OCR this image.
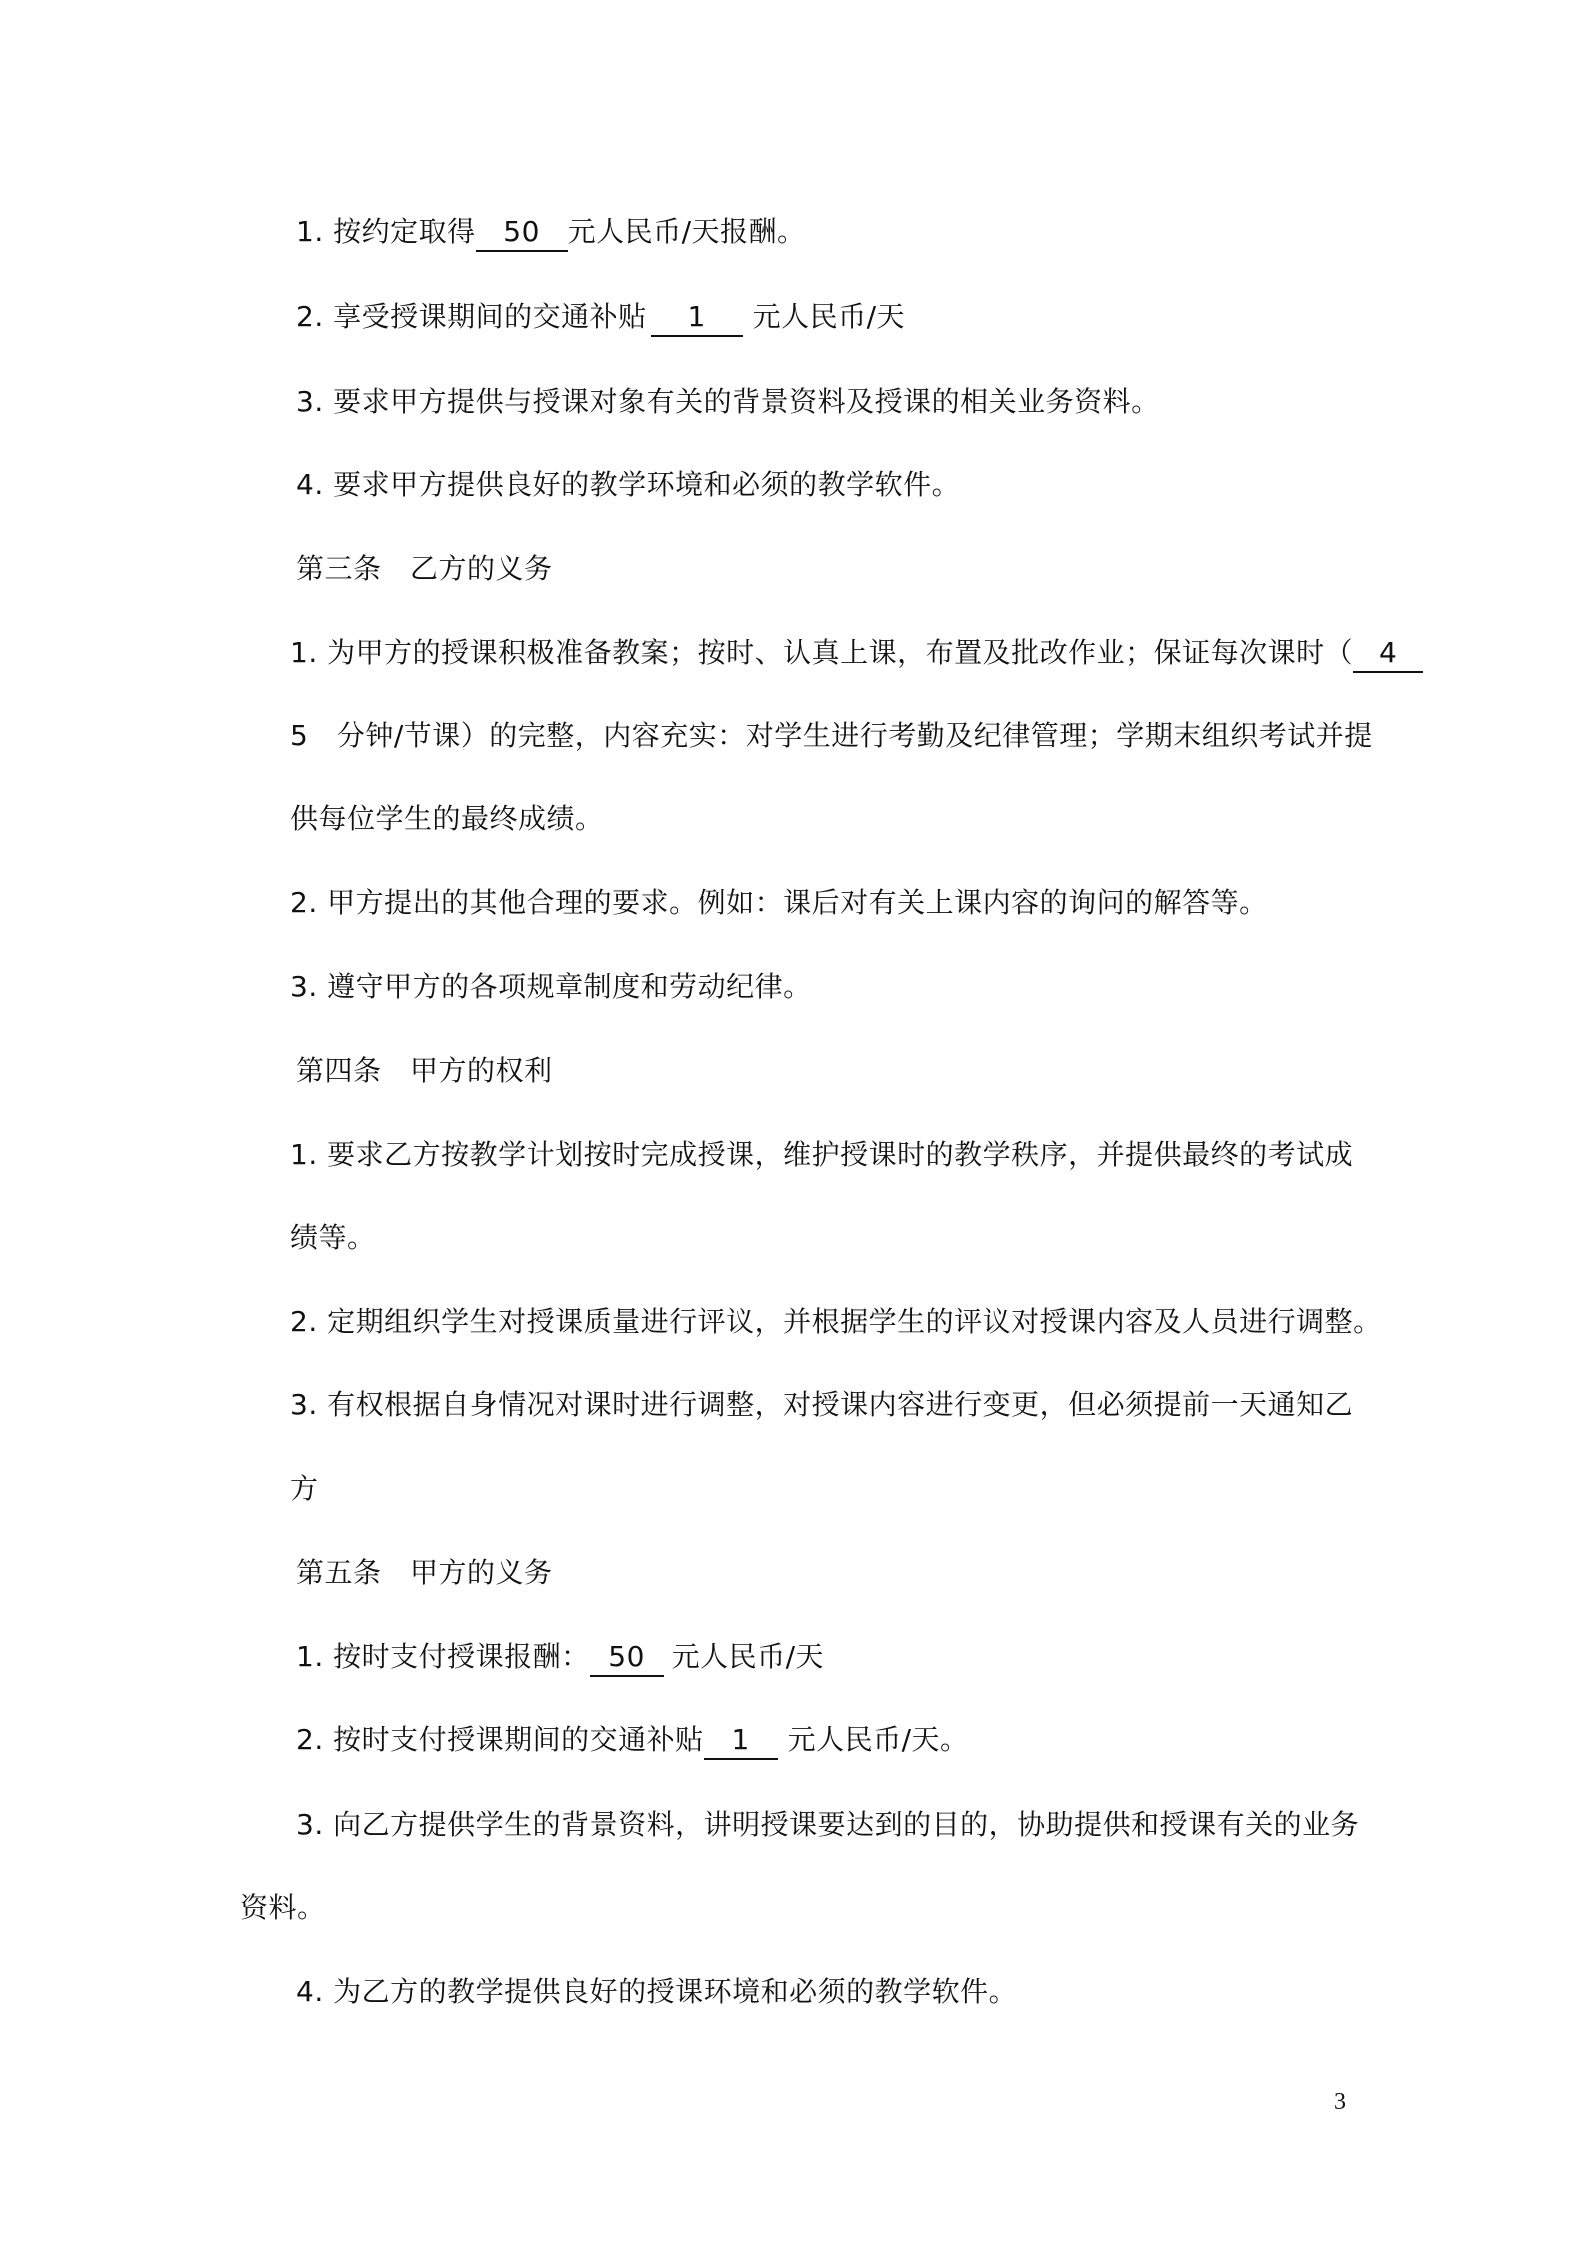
1. 按约定取得 50 元人民币/天报酬。
2. 享受授课期间的交通补贴 1 元人民币/天
3. 要求甲方提供与授课对象有关的背景资料及授课的相关业务资料。
4. 要求甲方提供良好的教学环境和必须的教学软件。
第三条　乙方的义务
1. 为甲方的授课积极准备教案；按时、认真上课，布置及批改作业；保证每次课时（ 4
5　分钟/节课）的完整，内容充实：对学生进行考勤及纪律管理；学期末组织考试并提
供每位学生的最终成绩。
2. 甲方提出的其他合理的要求。例如：课后对有关上课内容的询问的解答等。
3. 遵守甲方的各项规章制度和劳动纪律。
第四条　甲方的权利
1. 要求乙方按教学计划按时完成授课，维护授课时的教学秩序，并提供最终的考试成
绩等。
2. 定期组织学生对授课质量进行评议，并根据学生的评议对授课内容及人员进行调整。
3. 有权根据自身情况对课时进行调整，对授课内容进行变更，但必须提前一天通知乙
方
第五条　甲方的义务
1. 按时支付授课报酬： 50 元人民币/天
2. 按时支付授课期间的交通补贴 1 元人民币/天。
3. 向乙方提供学生的背景资料，讲明授课要达到的目的，协助提供和授课有关的业务
资料。
4. 为乙方的教学提供良好的授课环境和必须的教学软件。
3
